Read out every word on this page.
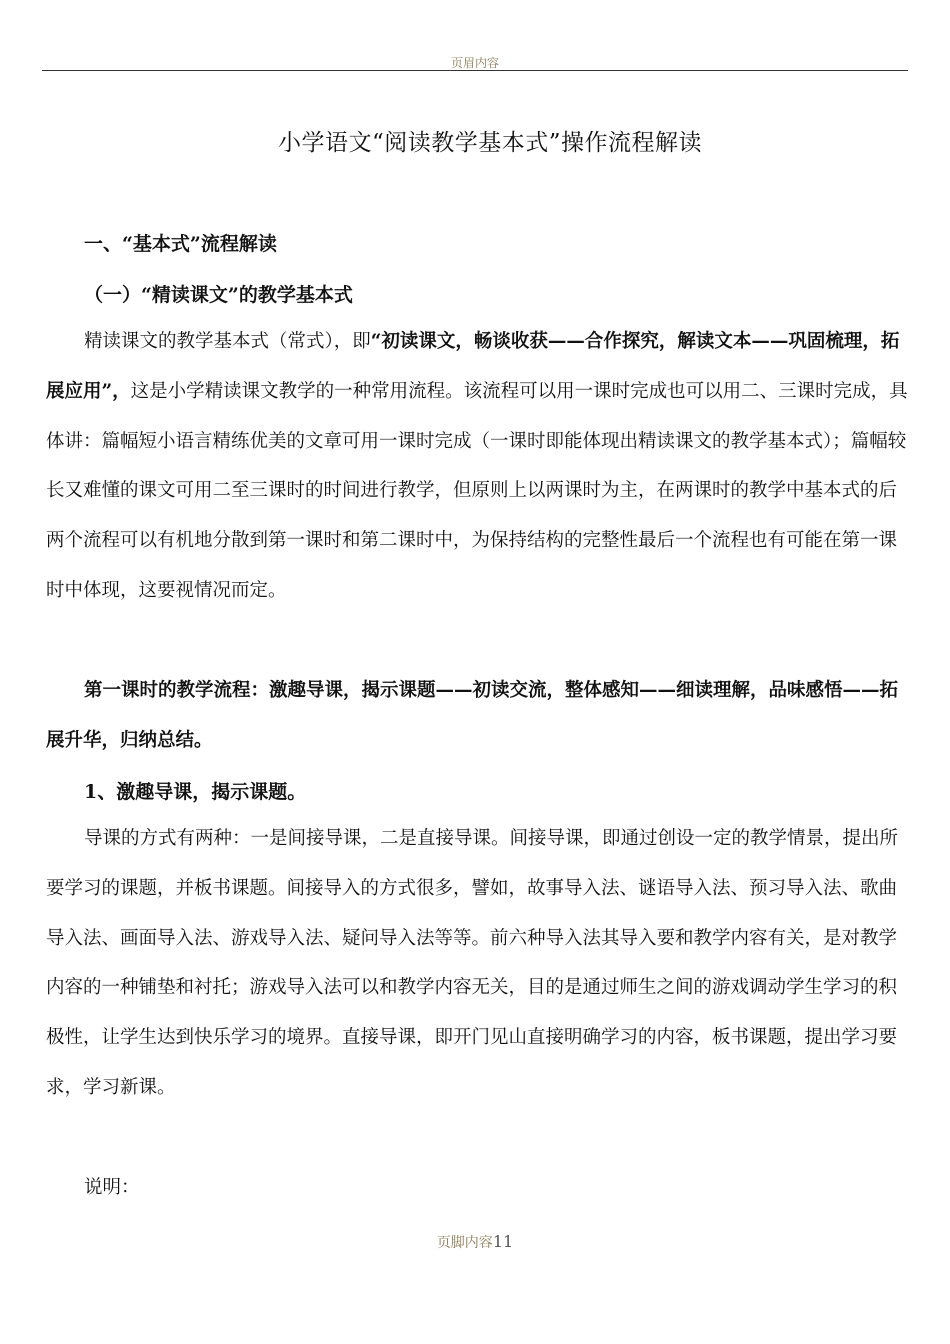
页眉内容
小学语文“阅读教学基本式”操作流程解读
一、“基本式”流程解读
（一）“精读课文”的教学基本式
精读课文的教学基本式（常式），即“初读课文，畅谈收获——合作探究，解读文本——巩固梳理，拓展应用”，这是小学精读课文教学的一种常用流程。该流程可以用一课时完成也可以用二、三课时完成，具体讲：篇幅短小语言精练优美的文章可用一课时完成（一课时即能体现出精读课文的教学基本式）；篇幅较长又难懂的课文可用二至三课时的时间进行教学，但原则上以两课时为主，在两课时的教学中基本式的后两个流程可以有机地分散到第一课时和第二课时中，为保持结构的完整性最后一个流程也有可能在第一课时中体现，这要视情况而定。
第一课时的教学流程：激趣导课，揭示课题——初读交流，整体感知——细读理解，品味感悟——拓展升华，归纳总结。
1、激趣导课，揭示课题。
导课的方式有两种：一是间接导课，二是直接导课。间接导课，即通过创设一定的教学情景，提出所要学习的课题，并板书课题。间接导入的方式很多，譬如，故事导入法、谜语导入法、预习导入法、歌曲导入法、画面导入法、游戏导入法、疑问导入法等等。前六种导入法其导入要和教学内容有关，是对教学内容的一种铺垫和衬托；游戏导入法可以和教学内容无关，目的是通过师生之间的游戏调动学生学习的积极性，让学生达到快乐学习的境界。直接导课，即开门见山直接明确学习的内容，板书课题，提出学习要求，学习新课。
说明：
页脚内容11
